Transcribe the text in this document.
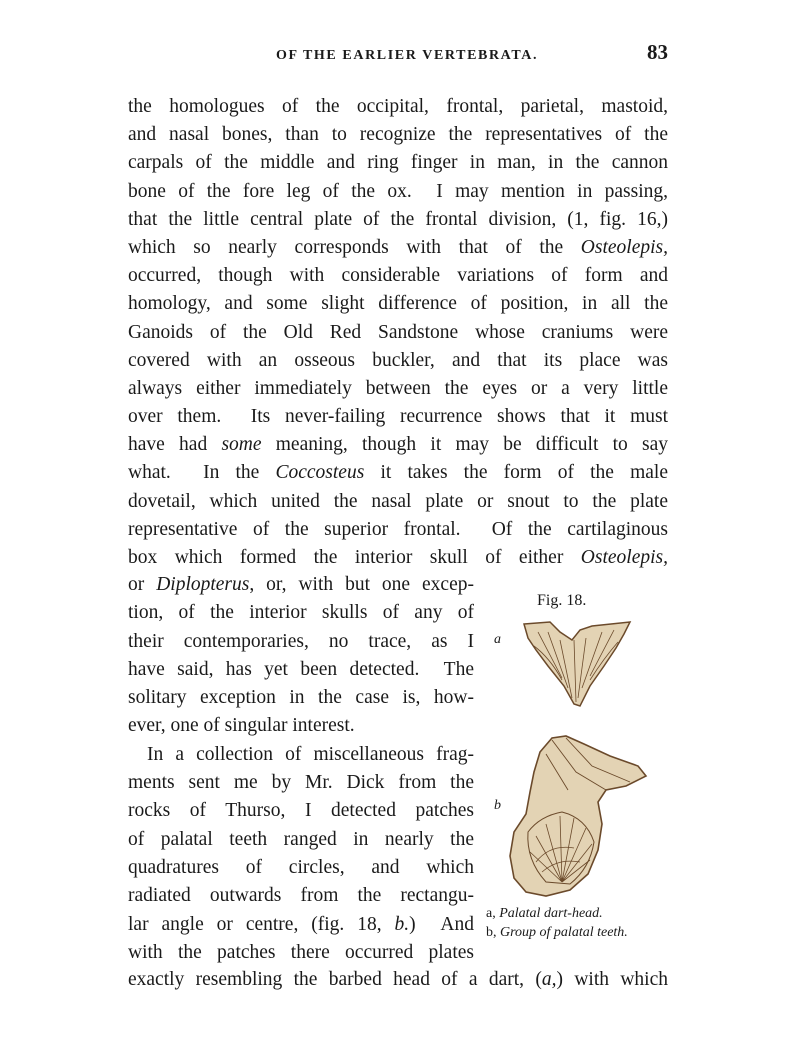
OF THE EARLIER VERTEBRATA.	83
the homologues of the occipital, frontal, parietal, mastoid,
and nasal bones, than to recognize the representatives of the
carpals of the middle and ring finger in man, in the cannon
bone of the fore leg of the ox.  I may mention in passing,
that the little central plate of the frontal division, (1, fig. 16,)
which so nearly corresponds with that of the Osteolepis,
occurred, though with considerable variations of form and
homology, and some slight difference of position, in all the
Ganoids of the Old Red Sandstone whose craniums were
covered with an osseous buckler, and that its place was
always either immediately between the eyes or a very little
over them.  Its never-failing recurrence shows that it must
have had some meaning, though it may be difficult to say
what.  In the Coccosteus it takes the form of the male
dovetail, which united the nasal plate or snout to the plate
representative of the superior frontal.  Of the cartilaginous
box which formed the interior skull of either Osteolepis,
or Diplopterus, or, with but one excep-
tion, of the interior skulls of any of
their contemporaries, no trace, as I
have said, has yet been detected.  The
solitary exception in the case is, how-
ever, one of singular interest.
In a collection of miscellaneous frag-
ments sent me by Mr. Dick from the
rocks of Thurso, I detected patches
of palatal teeth ranged in nearly the
quadratures of circles, and which
radiated outwards from the rectangu-
lar angle or centre, (fig. 18, b.)  And
with the patches there occurred plates
exactly resembling the barbed head of a dart, (a,) with which
Fig. 18.
a
b
a, Palatal dart-head.
b, Group of palatal teeth.
